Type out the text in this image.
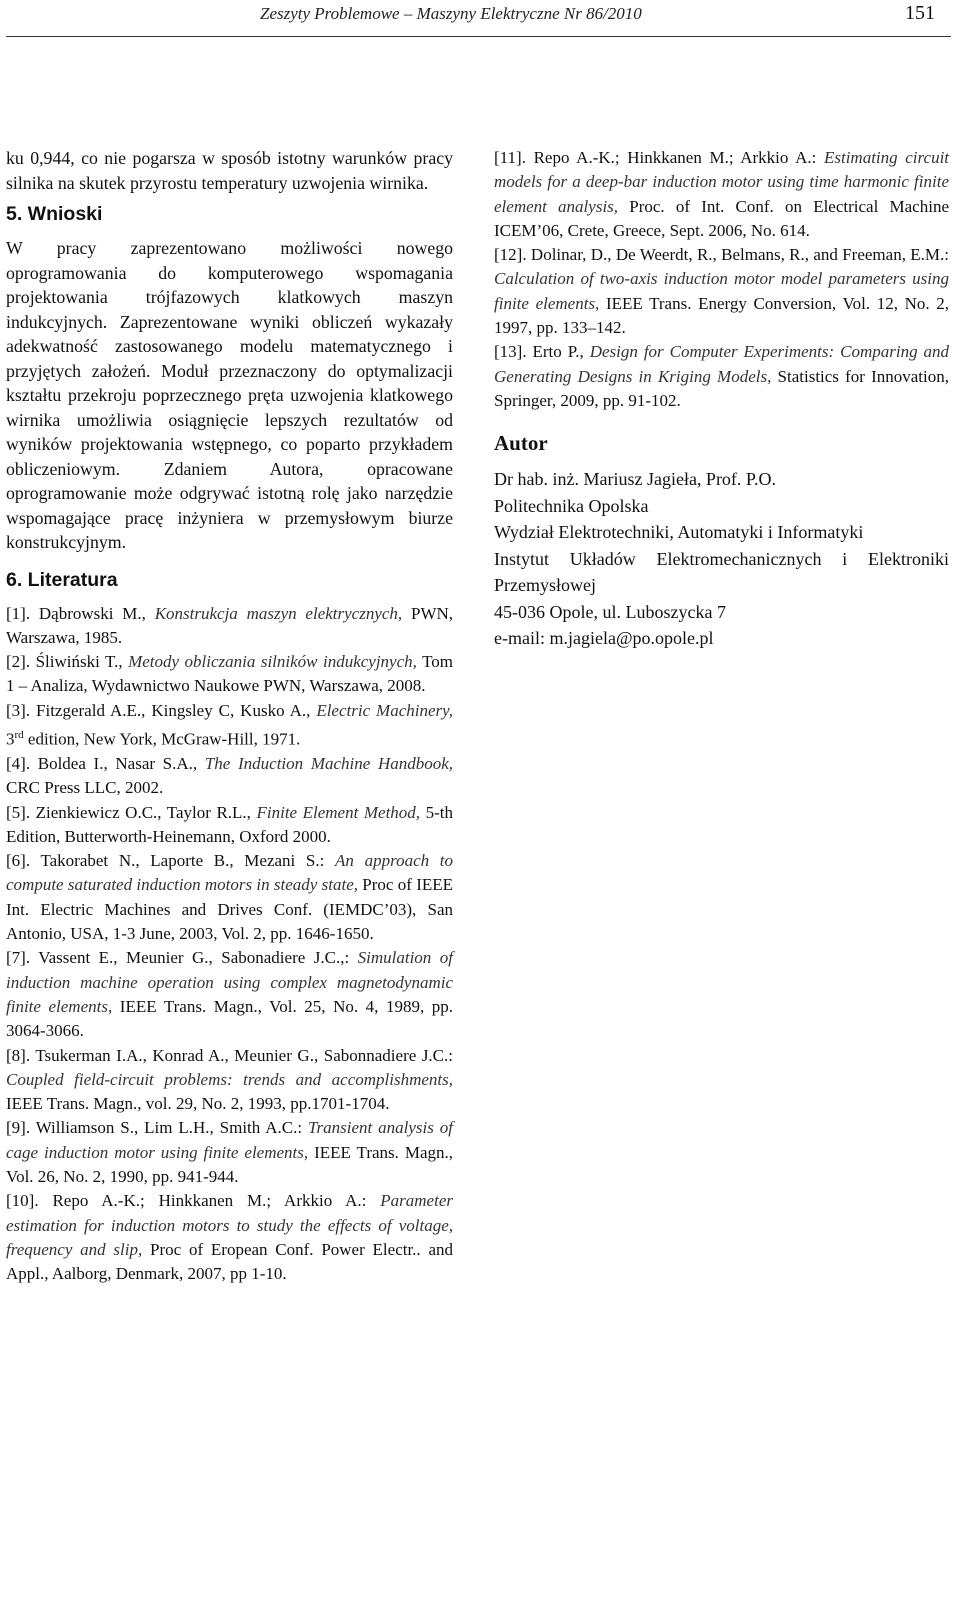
Zeszyty Problemowe – Maszyny Elektryczne Nr 86/2010	151

ku 0,944, co nie pogarsza w sposób istotny warunków pracy silnika na skutek przyrostu temperatury uzwojenia wirnika.

5. Wnioski

W pracy zaprezentowano możliwości nowego oprogramowania do komputerowego wspomagania projektowania trójfazowych klatkowych maszyn indukcyjnych. Zaprezentowane wyniki obliczeń wykazały adekwatność zastosowanego modelu matematycznego i przyjętych założeń. Moduł przeznaczony do optymalizacji kształtu przekroju poprzecznego pręta uzwojenia klatkowego wirnika umożliwia osiągnięcie lepszych rezultatów od wyników projektowania wstępnego, co poparto przykładem obliczeniowym. Zdaniem Autora, opracowane oprogramowanie może odgrywać istotną rolę jako narzędzie wspomagające pracę inżyniera w przemysłowym biurze konstrukcyjnym.

6. Literatura

[1]. Dąbrowski M., Konstrukcja maszyn elektrycznych, PWN, Warszawa, 1985.

[2]. Śliwiński T., Metody obliczania silników indukcyjnych, Tom 1 – Analiza, Wydawnictwo Naukowe PWN, Warszawa, 2008.

[3]. Fitzgerald A.E., Kingsley C, Kusko A., Electric Machinery, 3rd edition, New York, McGraw-Hill, 1971.

[4]. Boldea I., Nasar S.A., The Induction Machine Handbook, CRC Press LLC, 2002.

[5]. Zienkiewicz O.C., Taylor R.L., Finite Element Method, 5-th Edition, Butterworth-Heinemann, Oxford 2000.

[6]. Takorabet N., Laporte B., Mezani S.: An approach to compute saturated induction motors in steady state, Proc of IEEE Int. Electric Machines and Drives Conf. (IEMDC’03), San Antonio, USA, 1-3 June, 2003, Vol. 2, pp. 1646-1650.

[7]. Vassent E., Meunier G., Sabonadiere J.C.,: Simulation of induction machine operation using complex magnetodynamic finite elements, IEEE Trans. Magn., Vol. 25, No. 4, 1989, pp. 3064-3066.

[8]. Tsukerman I.A., Konrad A., Meunier G., Sabonnadiere J.C.: Coupled field-circuit problems: trends and accomplishments, IEEE Trans. Magn., vol. 29, No. 2, 1993, pp.1701-1704.

[9]. Williamson S., Lim L.H., Smith A.C.: Transient analysis of cage induction motor using finite elements, IEEE Trans. Magn., Vol. 26, No. 2, 1990, pp. 941-944.

[10]. Repo A.-K.; Hinkkanen M.; Arkkio A.: Parameter estimation for induction motors to study the effects of voltage, frequency and slip, Proc of Eropean Conf. Power Electr.. and Appl., Aalborg, Denmark, 2007, pp 1-10.

[11]. Repo A.-K.; Hinkkanen M.; Arkkio A.: Estimating circuit models for a deep-bar induction motor using time harmonic finite element analysis, Proc. of Int. Conf. on Electrical Machine ICEM’06, Crete, Greece, Sept. 2006, No. 614.

[12]. Dolinar, D., De Weerdt, R., Belmans, R., and Freeman, E.M.: Calculation of two-axis induction motor model parameters using finite elements, IEEE Trans. Energy Conversion, Vol. 12, No. 2, 1997, pp. 133–142.

[13]. Erto P., Design for Computer Experiments: Comparing and Generating Designs in Kriging Models, Statistics for Innovation, Springer, 2009, pp. 91-102.

Autor

Dr hab. inż. Mariusz Jagieła, Prof. P.O.

Politechnika Opolska

Wydział Elektrotechniki, Automatyki i Informatyki

Instytut Układów Elektromechanicznych i Elektroniki Przemysłowej

45-036 Opole, ul. Luboszycka 7

e-mail: m.jagiela@po.opole.pl
